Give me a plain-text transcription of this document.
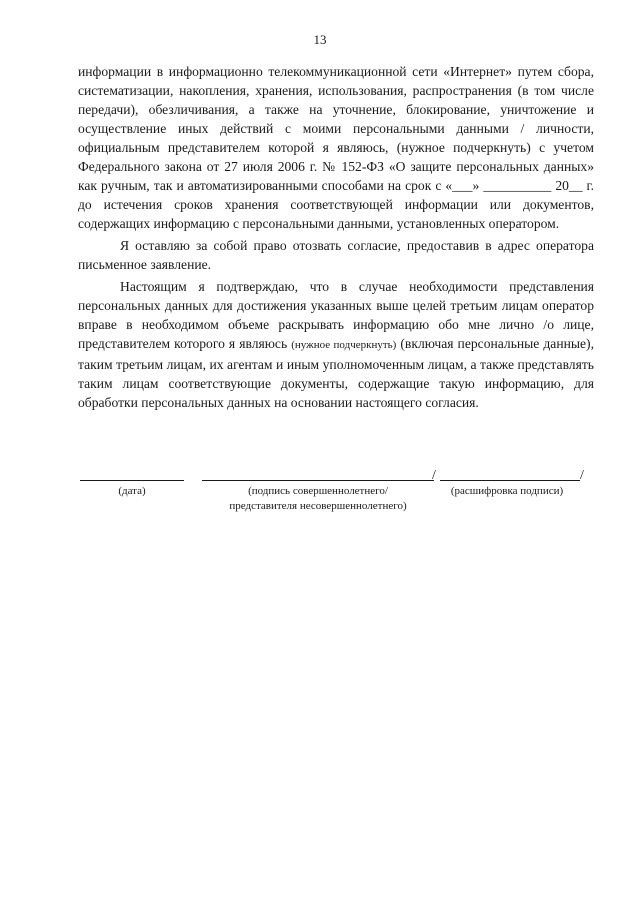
13

информации в информационно телекоммуникационной сети «Интернет» путем сбора, систематизации, накопления, хранения, использования, распространения (в том числе передачи), обезличивания, а также на уточнение, блокирование, уничтожение и осуществление иных действий с моими персональными данными / личности, официальным представителем которой я являюсь, (нужное подчеркнуть) с учетом Федерального закона от 27 июля 2006 г. № 152-ФЗ «О защите персональных данных» как ручным, так и автоматизированными способами на срок с «___» __________ 20__ г. до истечения сроков хранения соответствующей информации или документов, содержащих информацию с персональными данными, установленных оператором.

Я оставляю за собой право отозвать согласие, предоставив в адрес оператора письменное заявление.

Настоящим я подтверждаю, что в случае необходимости представления персональных данных для достижения указанных выше целей третьим лицам оператор вправе в необходимом объеме раскрывать информацию обо мне лично /о лице, представителем которого я являюсь (нужное подчеркнуть) (включая персональные данные), таким третьим лицам, их агентам и иным уполномоченным лицам, а также представлять таким лицам соответствующие документы, содержащие такую информацию, для обработки персональных данных на основании настоящего согласия.

/	/
(дата)	(подпись совершеннолетнего/
представителя несовершеннолетнего)
(расшифровка подписи)
